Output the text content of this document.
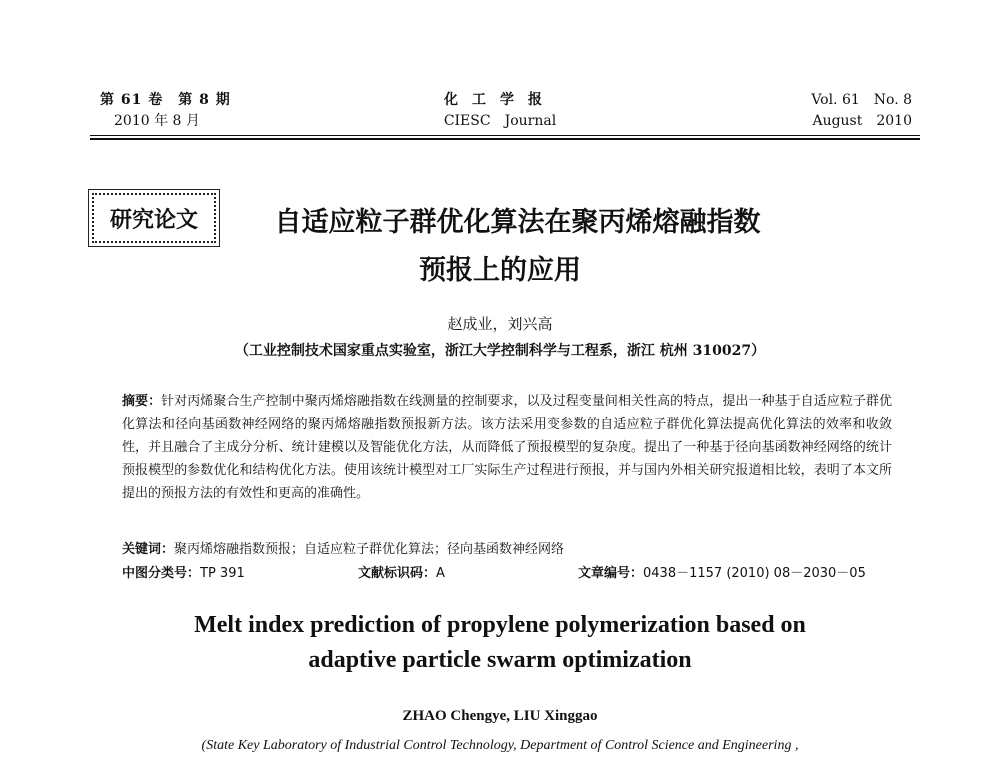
第 61 卷　第 8 期
2010 年 8 月
化工学报
CIESC　Journal
Vol. 61　No. 8
August　2010
研究论文	自适应粒子群优化算法在聚丙烯熔融指数
预报上的应用
赵成业，刘兴高
（工业控制技术国家重点实验室，浙江大学控制科学与工程系，浙江 杭州 310027）
摘要：针对丙烯聚合生产控制中聚丙烯熔融指数在线测量的控制要求，以及过程变量间相关性高的特点，提出一种基于自适应粒子群优化算法和径向基函数神经网络的聚丙烯熔融指数预报新方法。该方法采用变参数的自适应粒子群优化算法提高优化算法的效率和收敛性，并且融合了主成分分析、统计建模以及智能优化方法，从而降低了预报模型的复杂度。提出了一种基于径向基函数神经网络的统计预报模型的参数优化和结构优化方法。使用该统计模型对工厂实际生产过程进行预报，并与国内外相关研究报道相比较，表明了本文所提出的预报方法的有效性和更高的准确性。
关键词：聚丙烯熔融指数预报；自适应粒子群优化算法；径向基函数神经网络
中图分类号：TP 391	文献标识码：A	文章编号：0438－1157 (2010) 08－2030－05
Melt index prediction of propylene polymerization based on
adaptive particle swarm optimization
ZHAO Chengye, LIU Xinggao
(State Key Laboratory of Industrial Control Technology, Department of Control Science and Engineering ,
